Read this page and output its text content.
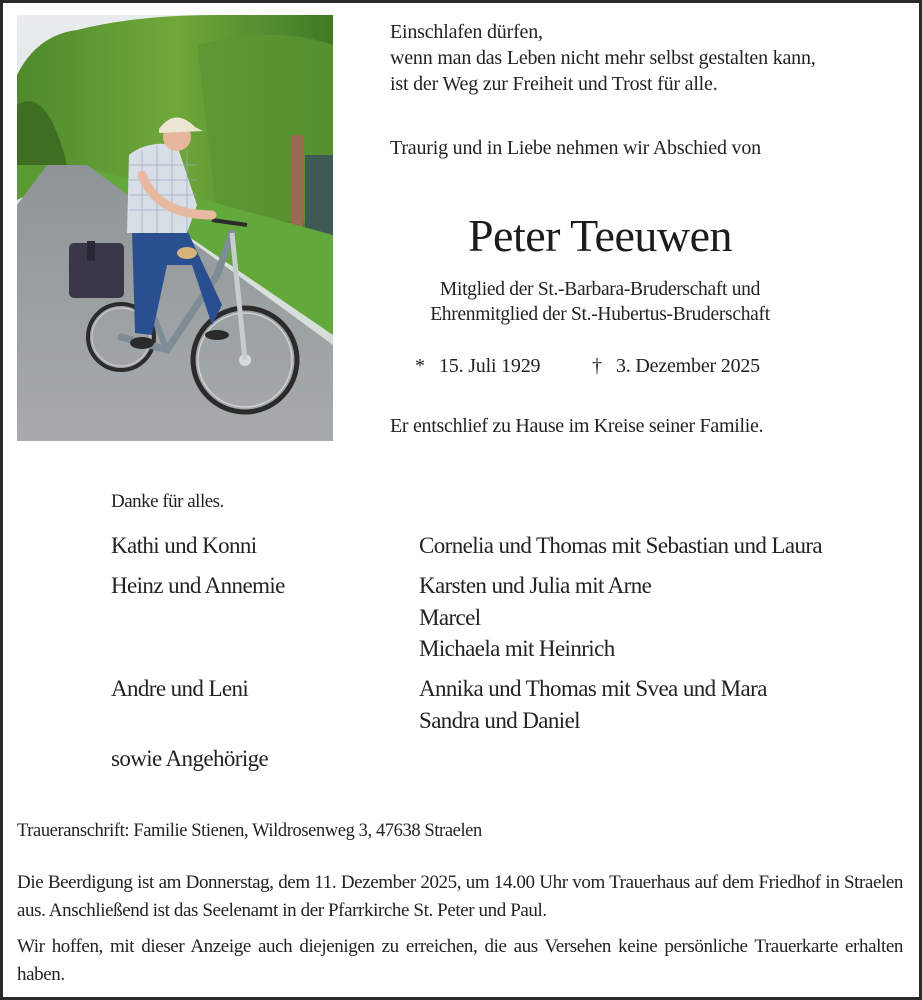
Einschlafen dürfen,
wenn man das Leben nicht mehr selbst gestalten kann,
ist der Weg zur Freiheit und Trost für alle.
Traurig und in Liebe nehmen wir Abschied von
Peter Teeuwen
Mitglied der St.-Barbara-Bruderschaft und
Ehrenmitglied der St.-Hubertus-Bruderschaft
* 15. Juli 1929	† 3. Dezember 2025
Er entschlief zu Hause im Kreise seiner Familie.
Danke für alles.
Kathi und Konni	Cornelia und Thomas mit Sebastian und Laura
Heinz und Annemie	Karsten und Julia mit Arne
Marcel
Michaela mit Heinrich
Andre und Leni	Annika und Thomas mit Svea und Mara
Sandra und Daniel
sowie Angehörige
Traueranschrift: Familie Stienen, Wildrosenweg 3, 47638 Straelen
Die Beerdigung ist am Donnerstag, dem 11. Dezember 2025, um 14.00 Uhr vom Trauerhaus auf dem Friedhof in Straelen aus. Anschließend ist das Seelenamt in der Pfarrkirche St. Peter und Paul.
Wir hoffen, mit dieser Anzeige auch diejenigen zu erreichen, die aus Versehen keine persönliche Trauerkarte erhalten haben.
